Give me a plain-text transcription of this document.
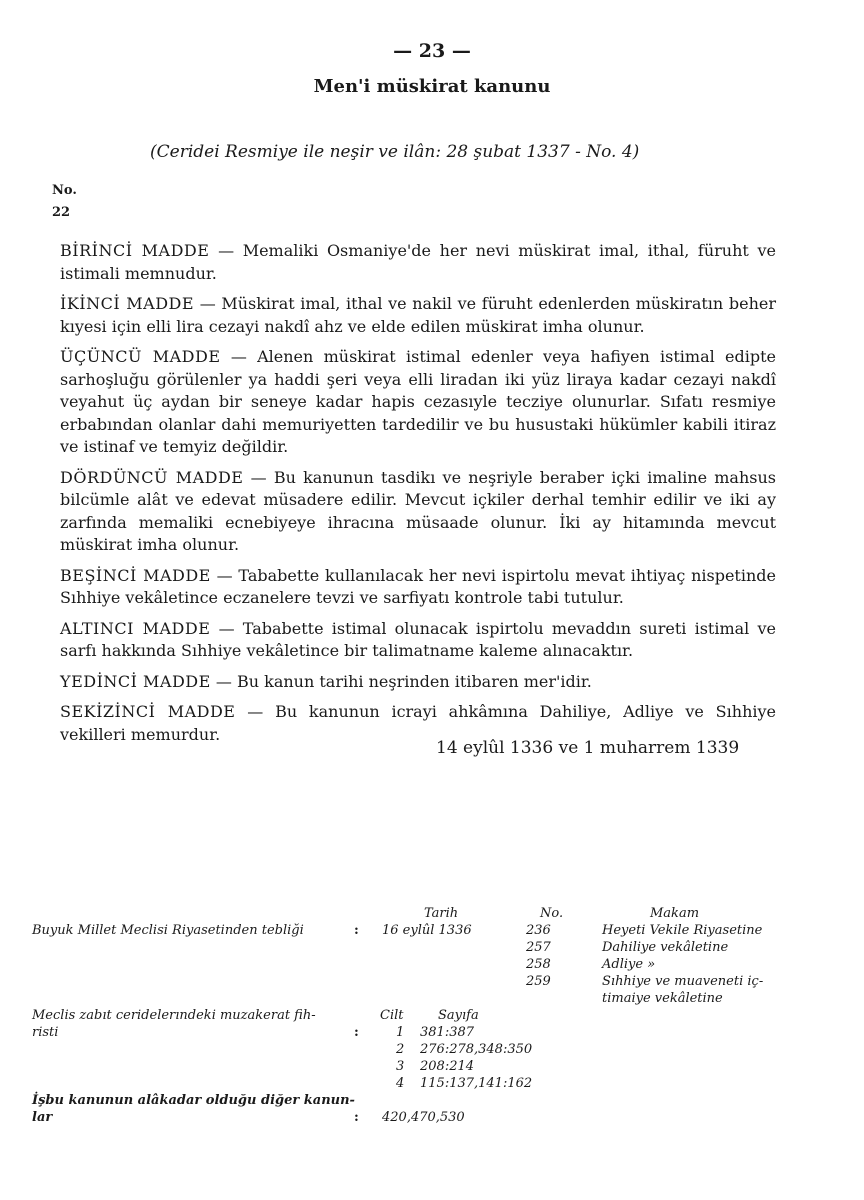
— 23 —
Men'i müskirat kanunu
(Ceridei Resmiye ile neşir ve ilân: 28 şubat 1337 - No. 4)
No.
22

BİRİNCİ MADDE — Memaliki Osmaniye'de her nevi müskirat imal, ithal, füruht ve istimali memnudur.

İKİNCİ MADDE — Müskirat imal, ithal ve nakil ve füruht edenlerden müskiratın beher kıyesi için elli lira cezayi nakdî ahz ve elde edilen müskirat imha olunur.

ÜÇÜNCÜ MADDE — Alenen müskirat istimal edenler veya hafiyen istimal edipte sarhoşluğu görülenler ya haddi şeri veya elli liradan iki yüz liraya kadar cezayi nakdî veyahut üç aydan bir seneye kadar hapis cezasıyle tecziye olunurlar. Sıfatı resmiye erbabından olanlar dahi memuriyetten tardedilir ve bu husustaki hükümler kabili itiraz ve istinaf ve temyiz değildir.

DÖRDÜNCÜ MADDE — Bu kanunun tasdikı ve neşriyle beraber içki imaline mahsus bilcümle alât ve edevat müsadere edilir. Mevcut içkiler derhal temhir edilir ve iki ay zarfında memaliki ecnebiyeye ihracına müsaade olunur. İki ay hitamında mevcut müskirat imha olunur.

BEŞİNCİ MADDE — Tababette kullanılacak her nevi ispirtolu mevat ihtiyaç nispetinde Sıhhiye vekâletince eczanelere tevzi ve sarfiyatı kontrole tabi tutulur.

ALTINCI MADDE — Tababette istimal olunacak ispirtolu mevaddın sureti istimal ve sarfı hakkında Sıhhiye vekâletince bir talimatname kaleme alınacaktır.

YEDİNCİ MADDE — Bu kanun tarihi neşrinden itibaren mer'idir.

SEKİZİNCİ MADDE — Bu kanunun icrayi ahkâmına Dahiliye, Adliye ve Sıhhiye vekilleri memurdur.

14 eylûl 1336 ve 1 muharrem 1339
Tarih	No.	Makam
Buyuk Millet Meclisi Riyasetinden tebliği	: 16 eylûl 1336	236	Heyeti Vekile Riyasetine
257	Dahiliye vekâletine
258	Adliye »
259	Sıhhiye ve muaveneti iç-
timaiye vekâletine
Meclis zabıt ceridelerındeki muzakerat fih-	Cilt	Sayıfa
risti	:	1 381:387
2 276:278,348:350
3 208:214
4 115:137,141:162
İşbu kanunun alâkadar olduğu diğer kanun-
lar	: 420,470,530
